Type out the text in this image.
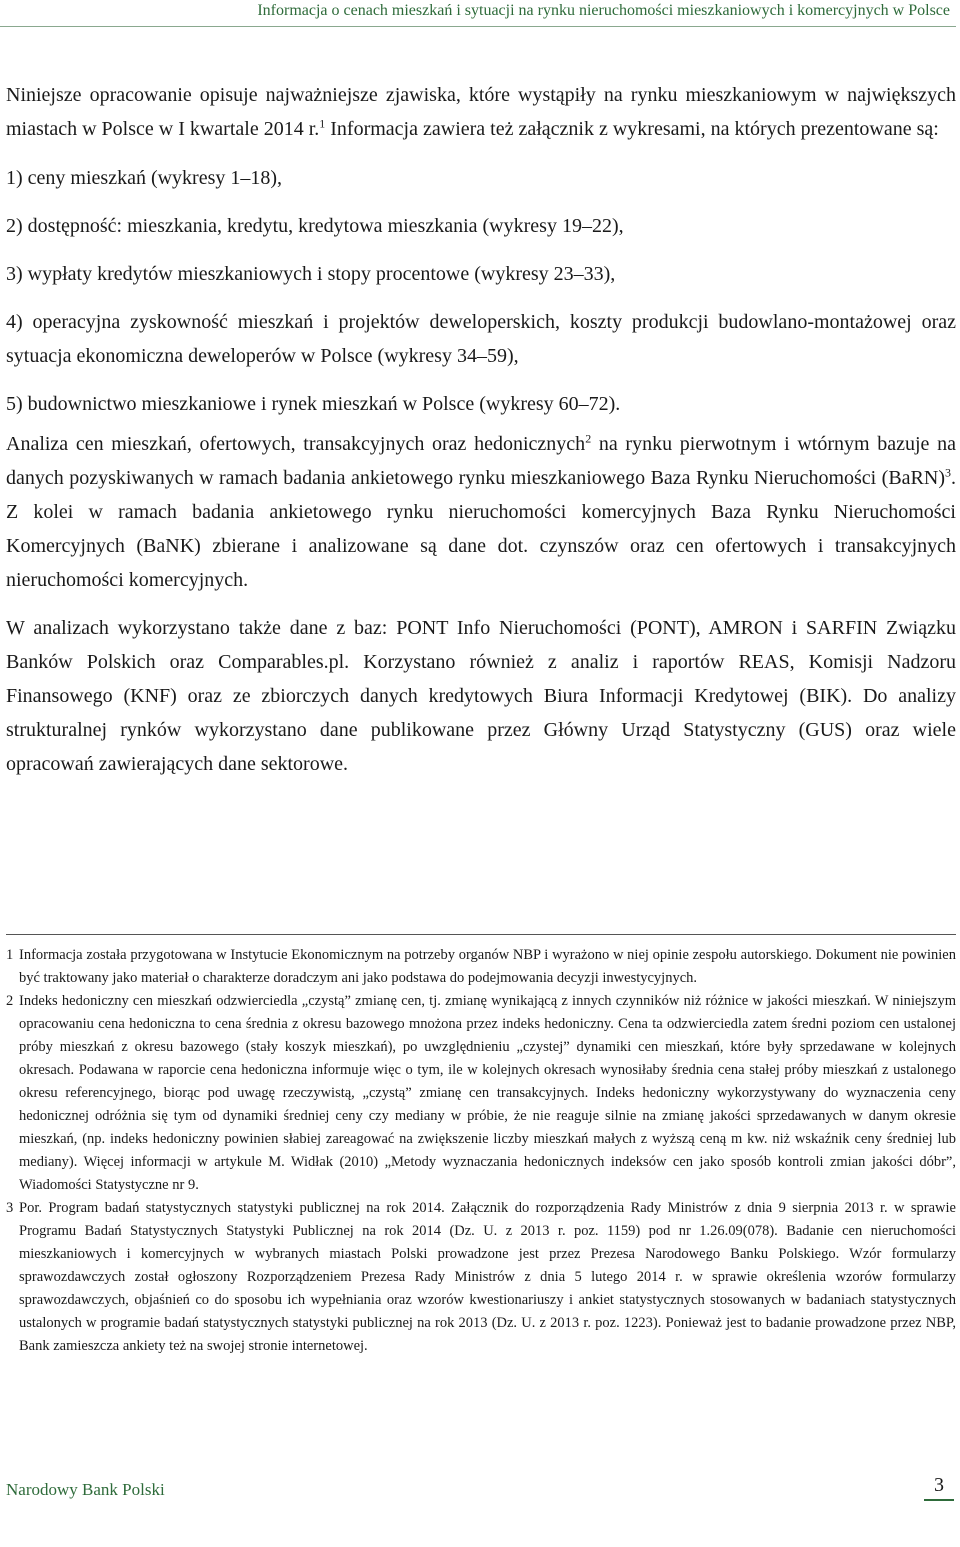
Informacja o cenach mieszkań i sytuacji na rynku nieruchomości mieszkaniowych i komercyjnych w Polsce

Niniejsze opracowanie opisuje najważniejsze zjawiska, które wystąpiły na rynku mieszkaniowym w największych miastach w Polsce w I kwartale 2014 r.$^1$ Informacja zawiera też załącznik z wykresami, na których prezentowane są:

1) ceny mieszkań (wykresy 1–18),

2) dostępność: mieszkania, kredytu, kredytowa mieszkania (wykresy 19–22),

3) wypłaty kredytów mieszkaniowych i stopy procentowe (wykresy 23–33),

4) operacyjna zyskowność mieszkań i projektów deweloperskich, koszty produkcji budowlano-montażowej oraz sytuacja ekonomiczna deweloperów w Polsce (wykresy 34–59),

5) budownictwo mieszkaniowe i rynek mieszkań w Polsce (wykresy 60–72).

Analiza cen mieszkań, ofertowych, transakcyjnych oraz hedonicznych$^2$ na rynku pierwotnym i wtórnym bazuje na danych pozyskiwanych w ramach badania ankietowego rynku mieszkaniowego Baza Rynku Nieruchomości (BaRN)$^3$. Z kolei w ramach badania ankietowego rynku nieruchomości komercyjnych Baza Rynku Nieruchomości Komercyjnych (BaNK) zbierane i analizowane są dane dot. czynszów oraz cen ofertowych i transakcyjnych nieruchomości komercyjnych.

W analizach wykorzystano także dane z baz: PONT Info Nieruchomości (PONT), AMRON i SARFIN Związku Banków Polskich oraz Comparables.pl. Korzystano również z analiz i raportów REAS, Komisji Nadzoru Finansowego (KNF) oraz ze zbiorczych danych kredytowych Biura Informacji Kredytowej (BIK). Do analizy strukturalnej rynków wykorzystano dane publikowane przez Główny Urząd Statystyczny (GUS) oraz wiele opracowań zawierających dane sektorowe.

1 Informacja została przygotowana w Instytucie Ekonomicznym na potrzeby organów NBP i wyrażono w niej opinie zespołu autorskiego. Dokument nie powinien być traktowany jako materiał o charakterze doradczym ani jako podstawa do podejmowania decyzji inwestycyjnych.
2 Indeks hedoniczny cen mieszkań odzwierciedla „czystą” zmianę cen, tj. zmianę wynikającą z innych czynników niż różnice w jakości mieszkań. W niniejszym opracowaniu cena hedoniczna to cena średnia z okresu bazowego mnożona przez indeks hedoniczny. Cena ta odzwierciedla zatem średni poziom cen ustalonej próby mieszkań z okresu bazowego (stały koszyk mieszkań), po uwzględnieniu „czystej” dynamiki cen mieszkań, które były sprzedawane w kolejnych okresach. Podawana w raporcie cena hedoniczna informuje więc o tym, ile w kolejnych okresach wynosiłaby średnia cena stałej próby mieszkań z ustalonego okresu referencyjnego, biorąc pod uwagę rzeczywistą, „czystą” zmianę cen transakcyjnych. Indeks hedoniczny wykorzystywany do wyznaczenia ceny hedonicznej odróżnia się tym od dynamiki średniej ceny czy mediany w próbie, że nie reaguje silnie na zmianę jakości sprzedawanych w danym okresie mieszkań, (np. indeks hedoniczny powinien słabiej zareagować na zwiększenie liczby mieszkań małych z wyższą ceną m kw. niż wskaźnik ceny średniej lub mediany). Więcej informacji w artykule M. Widłak (2010) „Metody wyznaczania hedonicznych indeksów cen jako sposób kontroli zmian jakości dóbr”, Wiadomości Statystyczne nr 9.
3 Por. Program badań statystycznych statystyki publicznej na rok 2014. Załącznik do rozporządzenia Rady Ministrów z dnia 9 sierpnia 2013 r. w sprawie Programu Badań Statystycznych Statystyki Publicznej na rok 2014 (Dz. U. z 2013 r. poz. 1159) pod nr 1.26.09(078). Badanie cen nieruchomości mieszkaniowych i komercyjnych w wybranych miastach Polski prowadzone jest przez Prezesa Narodowego Banku Polskiego. Wzór formularzy sprawozdawczych został ogłoszony Rozporządzeniem Prezesa Rady Ministrów z dnia 5 lutego 2014 r. w sprawie określenia wzorów formularzy sprawozdawczych, objaśnień co do sposobu ich wypełniania oraz wzorów kwestionariuszy i ankiet statystycznych stosowanych w badaniach statystycznych ustalonych w programie badań statystycznych statystyki publicznej na rok 2013 (Dz. U. z 2013 r. poz. 1223). Ponieważ jest to badanie prowadzone przez NBP, Bank zamieszcza ankiety też na swojej stronie internetowej.
Narodowy Bank Polski	3
